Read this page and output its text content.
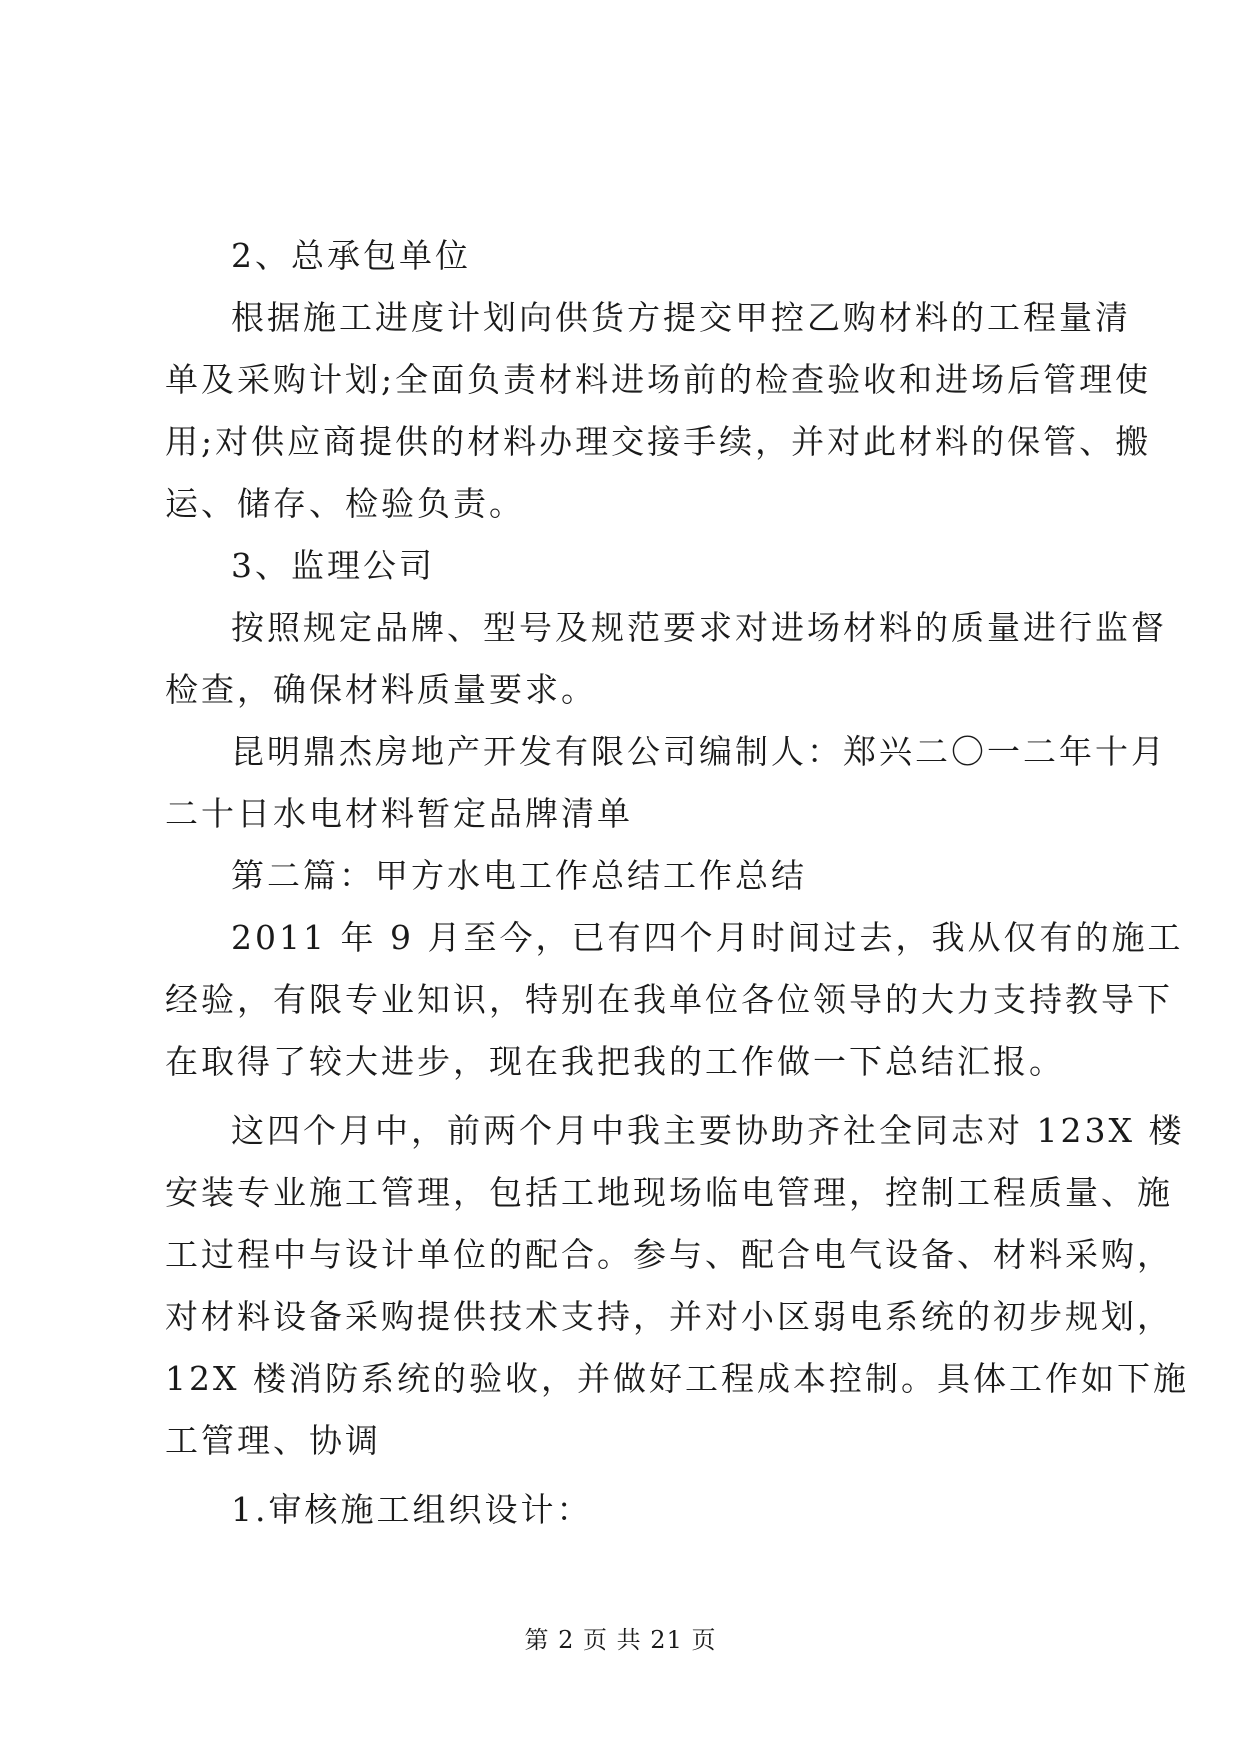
2、总承包单位
根据施工进度计划向供货方提交甲控乙购材料的工程量清
单及采购计划;全面负责材料进场前的检查验收和进场后管理使
用;对供应商提供的材料办理交接手续，并对此材料的保管、搬
运、储存、检验负责。
3、监理公司
按照规定品牌、型号及规范要求对进场材料的质量进行监督
检查，确保材料质量要求。
昆明鼎杰房地产开发有限公司编制人：郑兴二〇一二年十月
二十日水电材料暂定品牌清单
第二篇：甲方水电工作总结工作总结
2011 年 9 月至今，已有四个月时间过去，我从仅有的施工
经验，有限专业知识，特别在我单位各位领导的大力支持教导下
在取得了较大进步，现在我把我的工作做一下总结汇报。
这四个月中，前两个月中我主要协助齐社全同志对 123X 楼
安装专业施工管理，包括工地现场临电管理，控制工程质量、施
工过程中与设计单位的配合。参与、配合电气设备、材料采购，
对材料设备采购提供技术支持，并对小区弱电系统的初步规划，
12X 楼消防系统的验收，并做好工程成本控制。具体工作如下施
工管理、协调
1.审核施工组织设计：
第 2 页 共 21 页
